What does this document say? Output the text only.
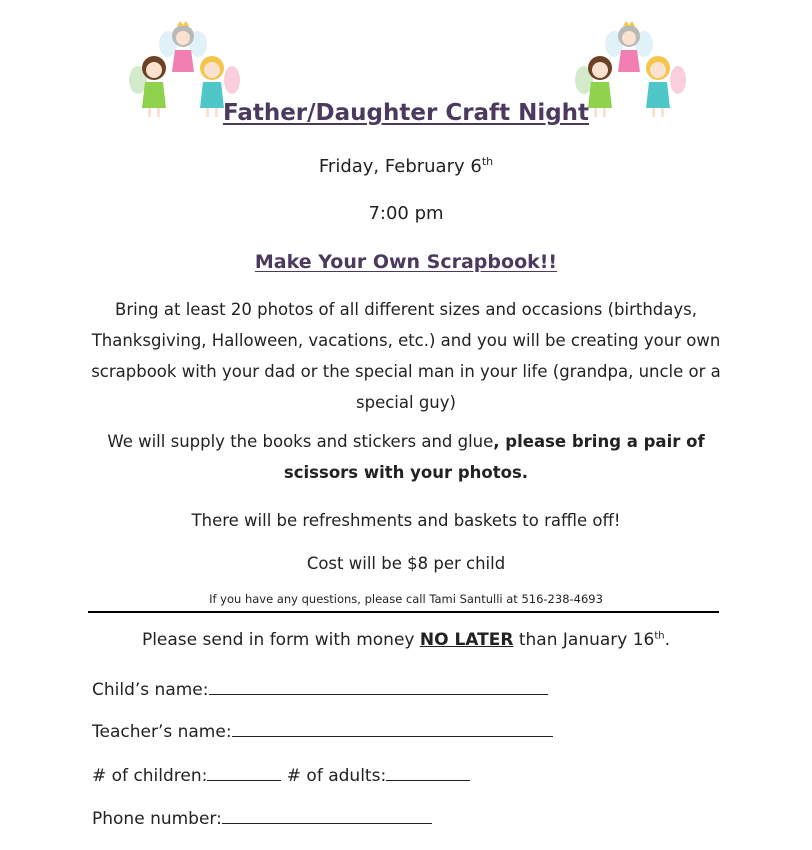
Father/Daughter Craft Night
Friday, February 6th
7:00 pm
Make Your Own Scrapbook!!
Bring at least 20 photos of all different sizes and occasions (birthdays, Thanksgiving, Halloween, vacations, etc.) and you will be creating your own scrapbook with your dad or the special man in your life (grandpa, uncle or a special guy)
We will supply the books and stickers and glue, please bring a pair of scissors with your photos.
There will be refreshments and baskets to raffle off!
Cost will be $8 per child
If you have any questions, please call Tami Santulli at 516-238-4693
Please send in form with money NO LATER than January 16th.
Child’s name:
Teacher’s name:
# of children:	# of adults:
Phone number:
